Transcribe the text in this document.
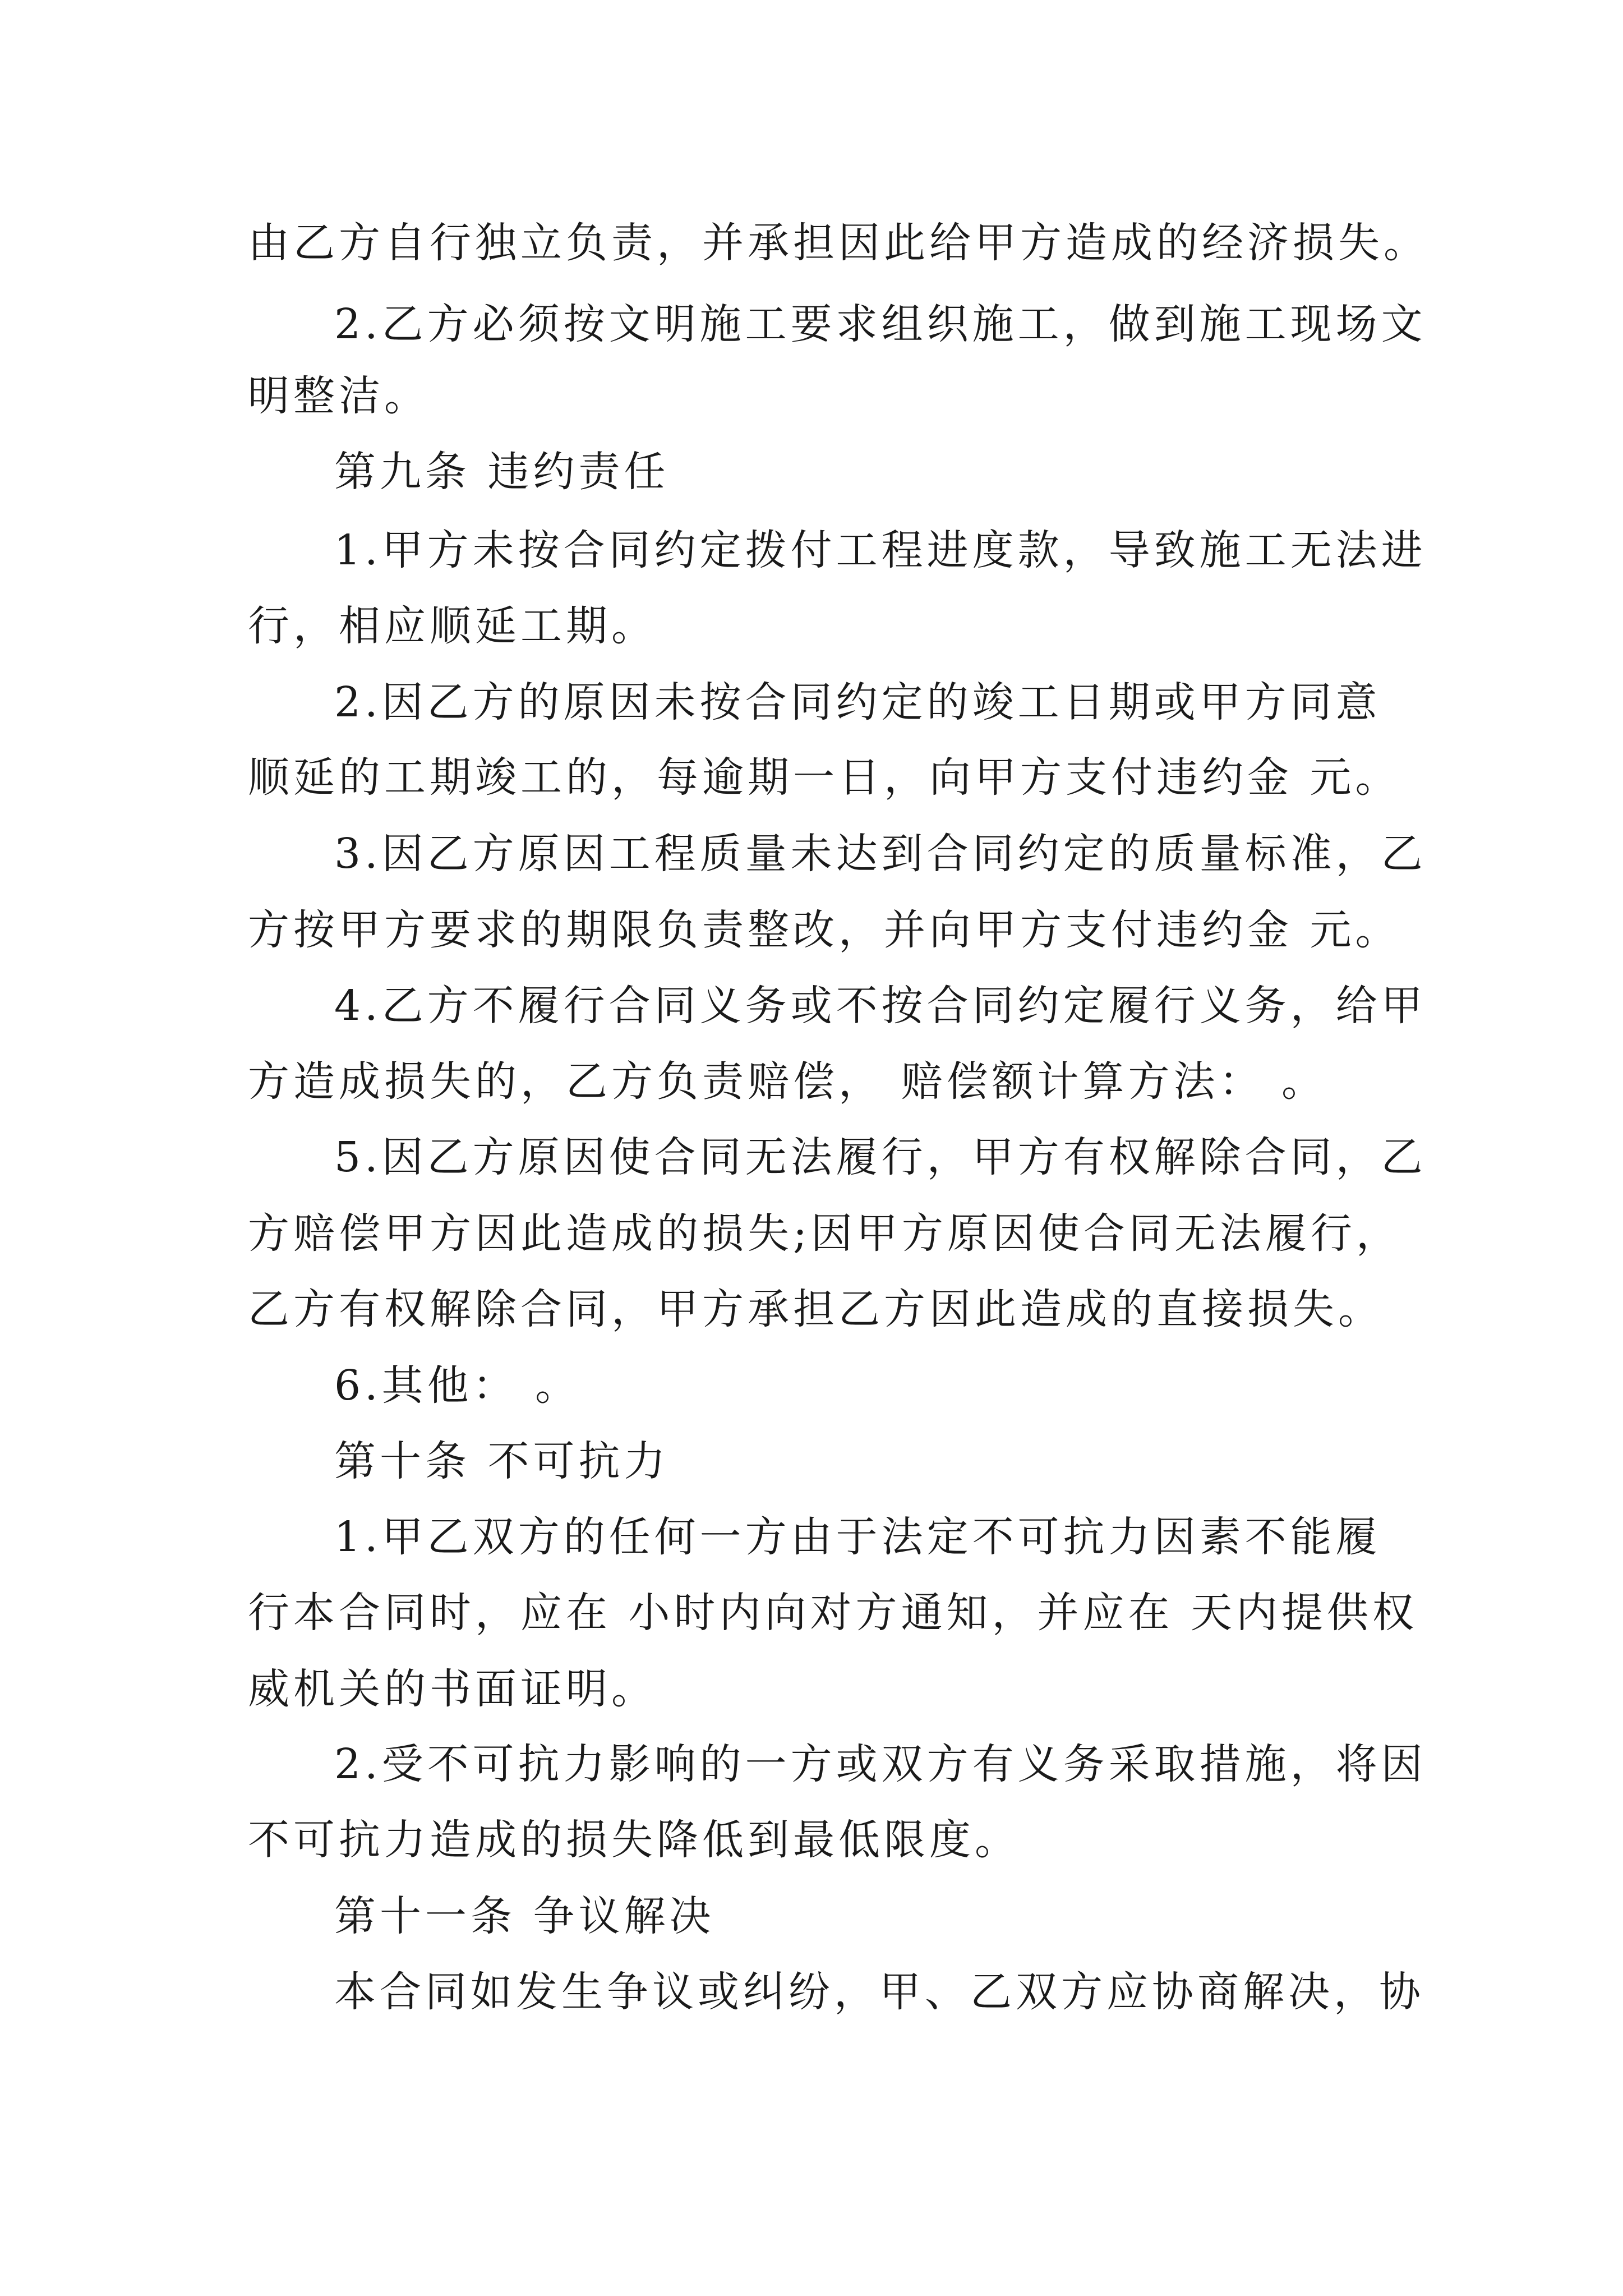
由乙方自行独立负责，并承担因此给甲方造成的经济损失。

2.乙方必须按文明施工要求组织施工，做到施工现场文

明整洁。

第九条 违约责任

1.甲方未按合同约定拨付工程进度款，导致施工无法进

行，相应顺延工期。

2.因乙方的原因未按合同约定的竣工日期或甲方同意

顺延的工期竣工的，每逾期一日，向甲方支付违约金 元。

3.因乙方原因工程质量未达到合同约定的质量标准，乙

方按甲方要求的期限负责整改，并向甲方支付违约金 元。

4.乙方不履行合同义务或不按合同约定履行义务，给甲

方造成损失的，乙方负责赔偿， 赔偿额计算方法： 。

5.因乙方原因使合同无法履行，甲方有权解除合同，乙

方赔偿甲方因此造成的损失;因甲方原因使合同无法履行，

乙方有权解除合同，甲方承担乙方因此造成的直接损失。

6.其他： 。

第十条 不可抗力

1.甲乙双方的任何一方由于法定不可抗力因素不能履

行本合同时，应在 小时内向对方通知，并应在 天内提供权

威机关的书面证明。

2.受不可抗力影响的一方或双方有义务采取措施，将因

不可抗力造成的损失降低到最低限度。

第十一条 争议解决

本合同如发生争议或纠纷，甲、乙双方应协商解决，协
